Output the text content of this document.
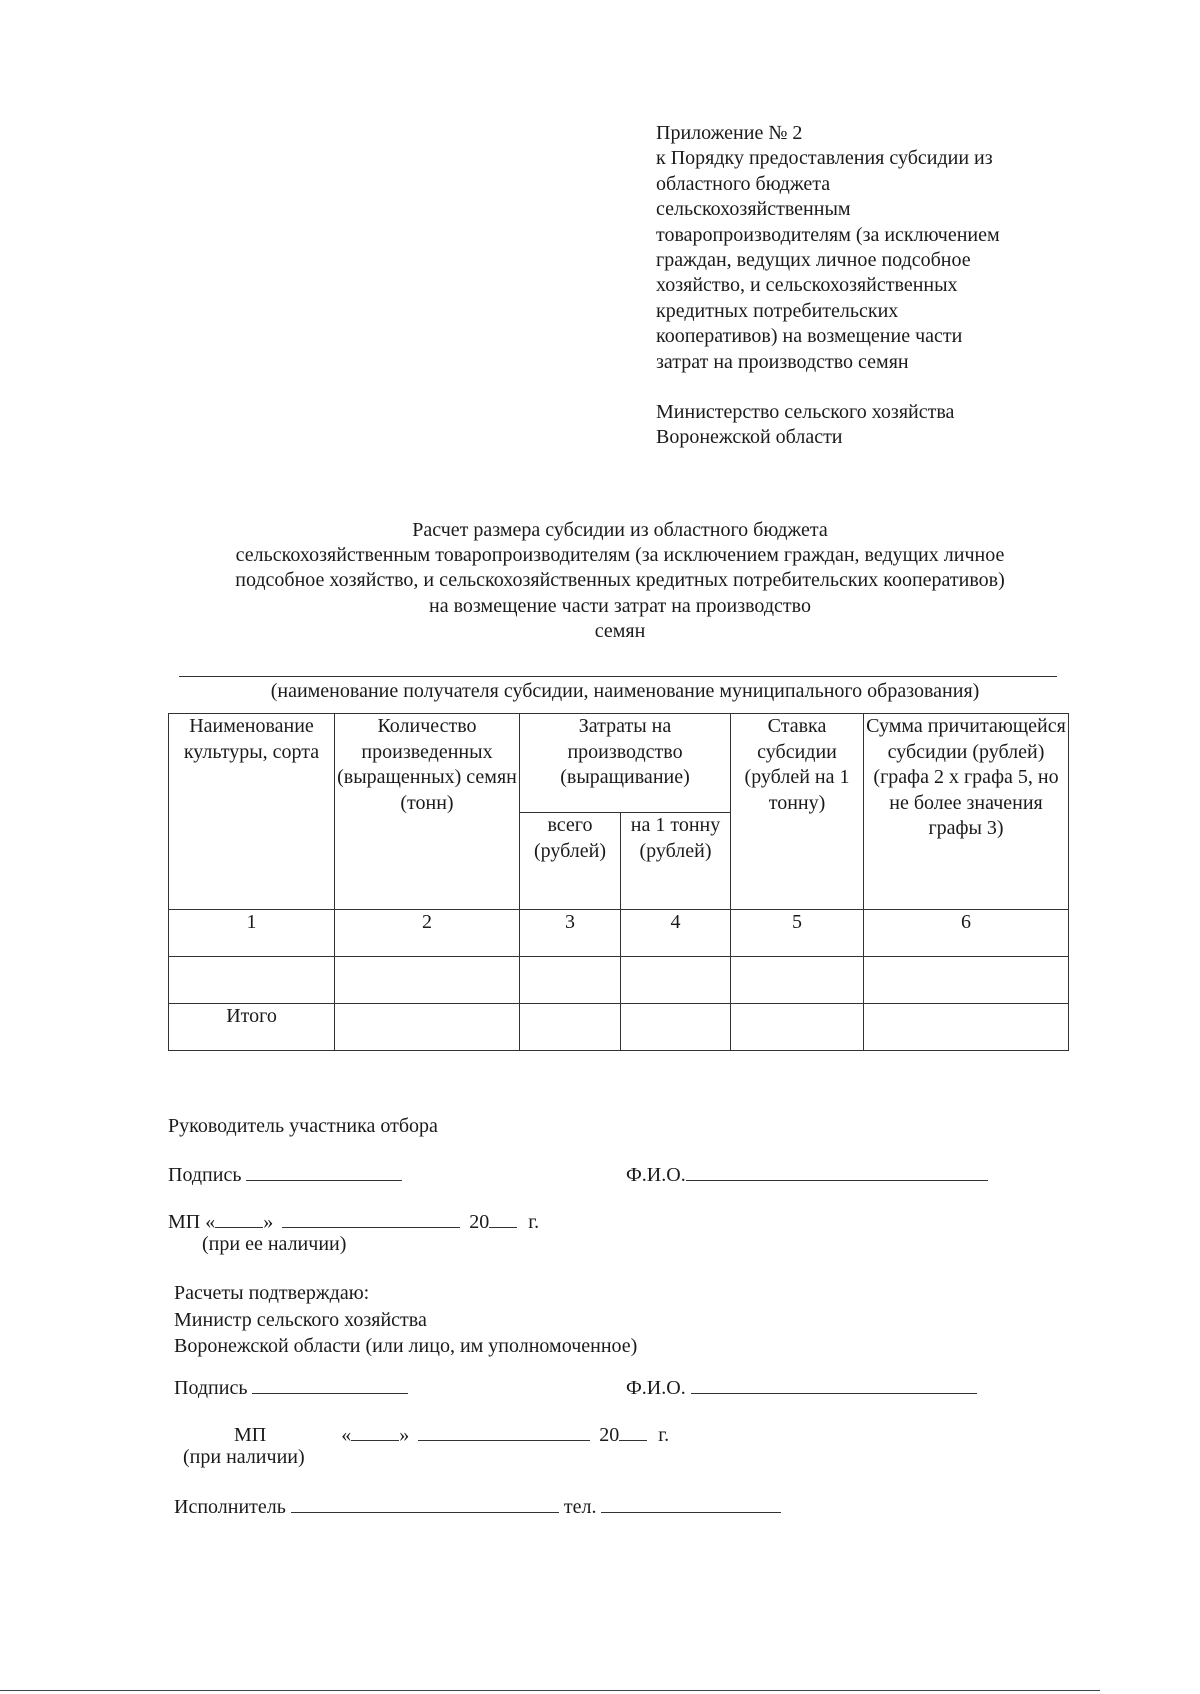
Приложение № 2
к Порядку предоставления субсидии из
областного бюджета
сельскохозяйственным
товаропроизводителям (за исключением
граждан, ведущих личное подсобное
хозяйство, и сельскохозяйственных
кредитных потребительских
кооперативов) на возмещение части
затрат на производство семян
Министерство сельского хозяйства
Воронежской области
Расчет размера субсидии из областного бюджета
сельскохозяйственным товаропроизводителям (за исключением граждан, ведущих личное
подсобное хозяйство, и сельскохозяйственных кредитных потребительских кооперативов)
на возмещение части затрат на производство
семян
(наименование получателя субсидии, наименование муниципального образования)
Наименование культуры, сорта	Количество произведенных (выращенных) семян (тонн)	Затраты на производство (выращивание)		Ставка субсидии (рублей на 1 тонну)	Сумма причитающейся субсидии (рублей) (графа 2 x графа 5, но не более значения графы 3)
		всего (рублей)	на 1 тонну (рублей)		
1	2	3	4	5	6

Итого					
Руководитель участника отбора
Подпись	Ф.И.О.
МП « »	20 г.
(при ее наличии)
Расчеты подтверждаю:
Министр сельского хозяйства
Воронежской области (или лицо, им уполномоченное)
Подпись	Ф.И.О.
МП	« »	20 г.
(при наличии)
Исполнитель	тел.
